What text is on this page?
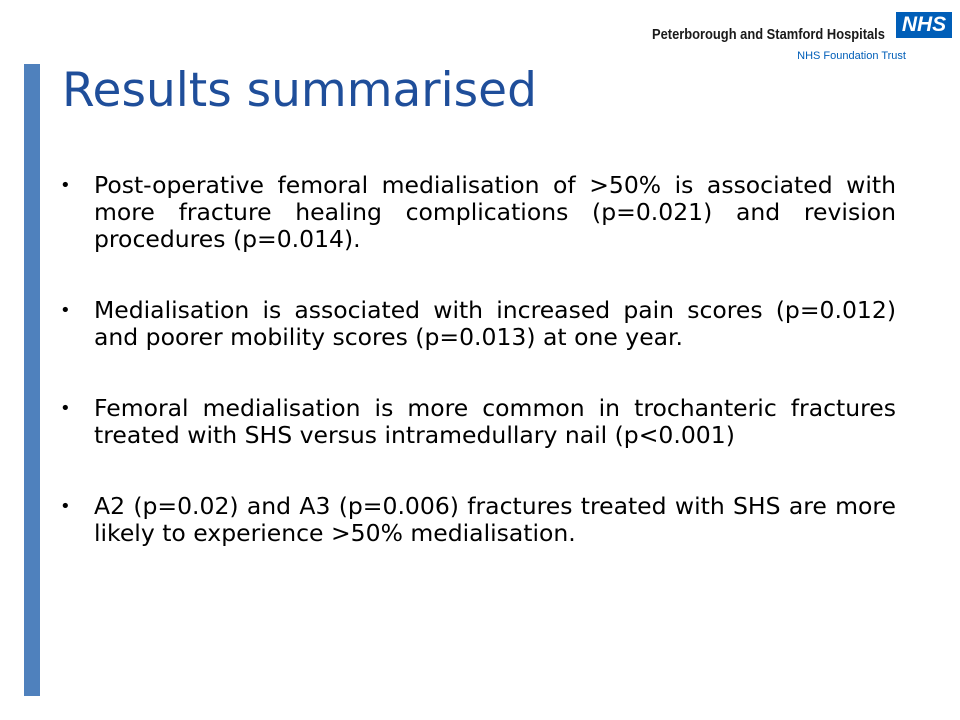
Peterborough and Stamford Hospitals
NHS Foundation Trust
NHS
Results summarised
• Post-operative femoral medialisation of >50% is associated with more fracture healing complications (p=0.021) and revision procedures (p=0.014).
• Medialisation is associated with increased pain scores (p=0.012) and poorer mobility scores (p=0.013) at one year.
• Femoral medialisation is more common in trochanteric fractures treated with SHS versus intramedullary nail (p<0.001)
• A2 (p=0.02) and A3 (p=0.006) fractures treated with SHS are more likely to experience >50% medialisation.
